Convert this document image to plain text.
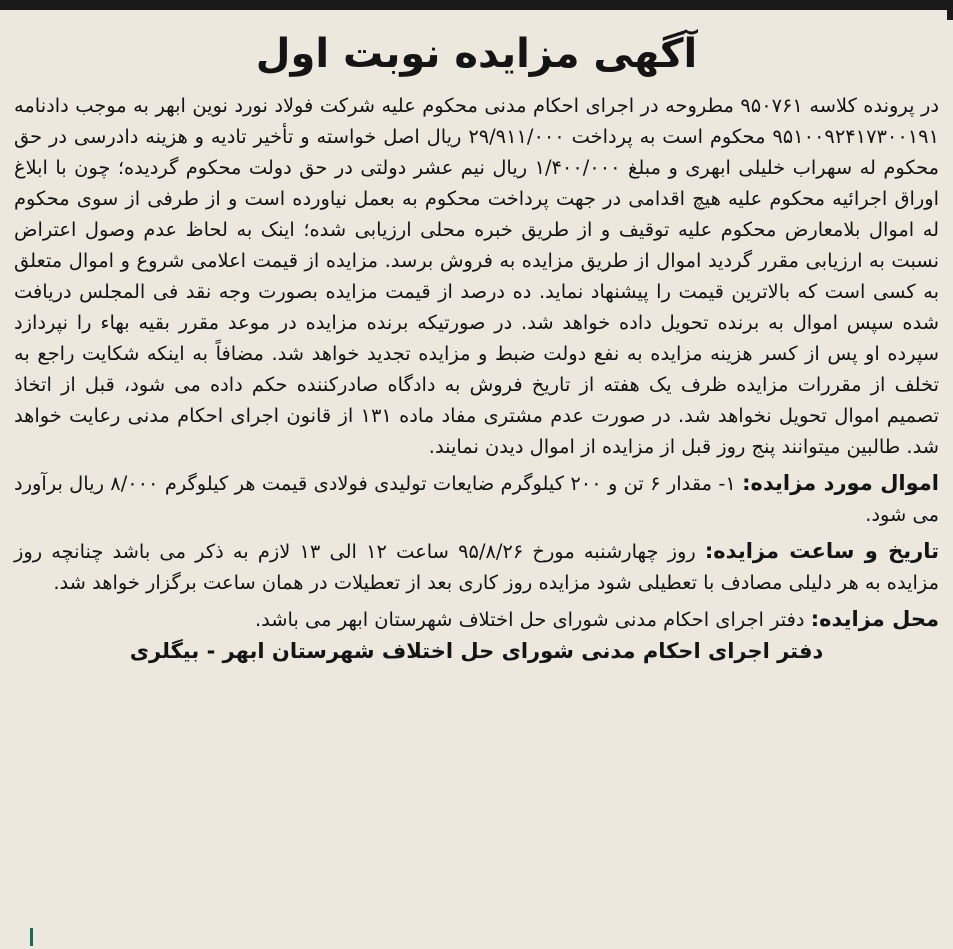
آگهی مزایده نوبت اول

در پرونده کلاسه ۹۵۰۷۶۱ مطروحه در اجرای احکام مدنی محکوم علیه شرکت فولاد نورد نوین ابهر به موجب دادنامه ۹۵۱۰۰۹۲۴۱۷۳۰۰۱۹۱ محکوم است به پرداخت ۲۹/۹۱۱/۰۰۰ ریال اصل خواسته و تأخیر تادیه و هزینه دادرسی در حق محکوم له سهراب خلیلی ابهری و مبلغ ۱/۴۰۰/۰۰۰ ریال نیم عشر دولتی در حق دولت محکوم گردیده؛ چون با ابلاغ اوراق اجرائیه محکوم علیه هیچ اقدامی در جهت پرداخت محکوم به بعمل نیاورده است و از طرفی از سوی محکوم له اموال بلامعارض محکوم علیه توقیف و از طریق خبره محلی ارزیابی شده؛ اینک به لحاظ عدم وصول اعتراض نسبت به ارزیابی مقرر گردید اموال از طریق مزایده به فروش برسد. مزایده از قیمت اعلامی شروع و اموال متعلق به کسی است که بالاترین قیمت را پیشنهاد نماید. ده درصد از قیمت مزایده بصورت وجه نقد فی المجلس دریافت شده سپس اموال به برنده تحویل داده خواهد شد. در صورتیکه برنده مزایده در موعد مقرر بقیه بهاء را نپردازد سپرده او پس از کسر هزینه مزایده به نفع دولت ضبط و مزایده تجدید خواهد شد. مضافاً به اینکه شکایت راجع به تخلف از مقررات مزایده ظرف یک هفته از تاریخ فروش به دادگاه صادرکننده حکم داده می شود، قبل از اتخاذ تصمیم اموال تحویل نخواهد شد. در صورت عدم مشتری مفاد ماده ۱۳۱ از قانون اجرای احکام مدنی رعایت خواهد شد. طالبین میتوانند پنج روز قبل از مزایده از اموال دیدن نمایند.

اموال مورد مزایده: ۱- مقدار ۶ تن و ۲۰۰ کیلوگرم ضایعات تولیدی فولادی قیمت هر کیلوگرم ۸/۰۰۰ ریال برآورد می شود.

تاریخ و ساعت مزایده: روز چهارشنبه مورخ ۹۵/۸/۲۶ ساعت ۱۲ الی ۱۳ لازم به ذکر می باشد چنانچه روز مزایده به هر دلیلی مصادف با تعطیلی شود مزایده روز کاری بعد از تعطیلات در همان ساعت برگزار خواهد شد.

محل مزایده: دفتر اجرای احکام مدنی شورای حل اختلاف شهرستان ابهر می باشد.

دفتر اجرای احکام مدنی شورای حل اختلاف شهرستان ابهر - بیگلری
